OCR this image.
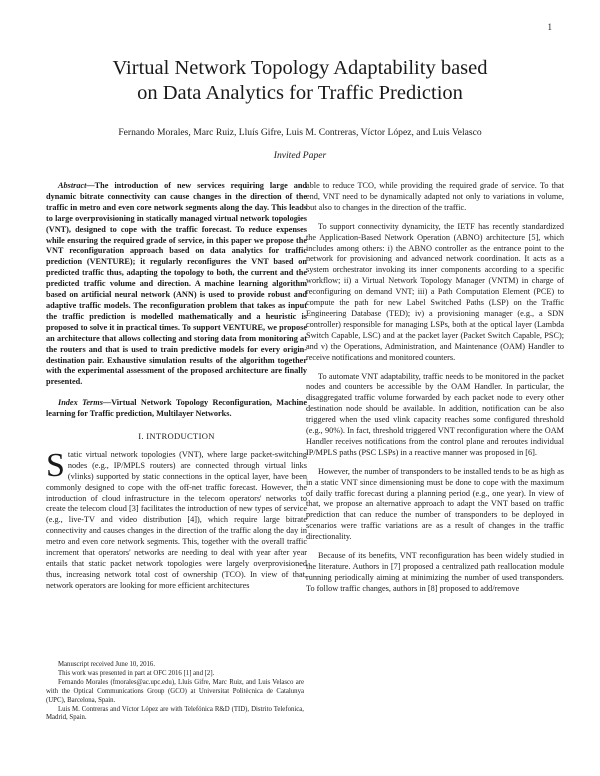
1
Virtual Network Topology Adaptability based
on Data Analytics for Traffic Prediction
Fernando Morales, Marc Ruiz, Lluís Gifre, Luis M. Contreras, Víctor López, and Luis Velasco
Invited Paper

Abstract—The introduction of new services requiring large and dynamic bitrate connectivity can cause changes in the direction of the traffic in metro and even core network segments along the day. This leads to large overprovisioning in statically managed virtual network topologies (VNT), designed to cope with the traffic forecast. To reduce expenses while ensuring the required grade of service, in this paper we propose the VNT reconfiguration approach based on data analytics for traffic prediction (VENTURE); it regularly reconfigures the VNT based on predicted traffic thus, adapting the topology to both, the current and the predicted traffic volume and direction. A machine learning algorithm based on artificial neural network (ANN) is used to provide robust and adaptive traffic models. The reconfiguration problem that takes as input the traffic prediction is modelled mathematically and a heuristic is proposed to solve it in practical times. To support VENTURE, we propose an architecture that allows collecting and storing data from monitoring at the routers and that is used to train predictive models for every origin-destination pair. Exhaustive simulation results of the algorithm together with the experimental assessment of the proposed architecture are finally presented.

Index Terms—Virtual Network Topology Reconfiguration, Machine learning for Traffic prediction, Multilayer Networks.

I. INTRODUCTION

Static virtual network topologies (VNT), where large packet-switching nodes (e.g., IP/MPLS routers) are connected through virtual links (vlinks) supported by static connections in the optical layer, have been commonly designed to cope with the off-net traffic forecast. However, the introduction of cloud infrastructure in the telecom operators' networks to create the telecom cloud [3] facilitates the introduction of new types of service (e.g., live-TV and video distribution [4]), which require large bitrate connectivity and causes changes in the direction of the traffic along the day in metro and even core network segments. This, together with the overall traffic increment that operators' networks are needing to deal with year after year entails that static packet network topologies were largely overprovisioned thus, increasing network total cost of ownership (TCO). In view of that, network operators are looking for more efficient architectures

Manuscript received June 10, 2016.

This work was presented in part at OFC 2016 [1] and [2].

Fernando Morales (fmorales@ac.upc.edu), Lluís Gifre, Marc Ruiz, and Luis Velasco are with the Optical Communications Group (GCO) at Universitat Politècnica de Catalunya (UPC), Barcelona, Spain.

Luis M. Contreras and Víctor López are with Telefónica R&D (TID), Distrito Telefonica, Madrid, Spain.

able to reduce TCO, while providing the required grade of service. To that end, VNT need to be dynamically adapted not only to variations in volume, but also to changes in the direction of the traffic.

To support connectivity dynamicity, the IETF has recently standardized the Application-Based Network Operation (ABNO) architecture [5], which includes among others: i) the ABNO controller as the entrance point to the network for provisioning and advanced network coordination. It acts as a system orchestrator invoking its inner components according to a specific workflow; ii) a Virtual Network Topology Manager (VNTM) in charge of reconfiguring on demand VNT; iii) a Path Computation Element (PCE) to compute the path for new Label Switched Paths (LSP) on the Traffic Engineering Database (TED); iv) a provisioning manager (e.g., a SDN controller) responsible for managing LSPs, both at the optical layer (Lambda Switch Capable, LSC) and at the packet layer (Packet Switch Capable, PSC); and v) the Operations, Administration, and Maintenance (OAM) Handler to receive notifications and monitored counters.

To automate VNT adaptability, traffic needs to be monitored in the packet nodes and counters be accessible by the OAM Handler. In particular, the disaggregated traffic volume forwarded by each packet node to every other destination node should be available. In addition, notification can be also triggered when the used vlink capacity reaches some configured threshold (e.g., 90%). In fact, threshold triggered VNT reconfiguration where the OAM Handler receives notifications from the control plane and reroutes individual IP/MPLS paths (PSC LSPs) in a reactive manner was proposed in [6].

However, the number of transponders to be installed tends to be as high as in a static VNT since dimensioning must be done to cope with the maximum of daily traffic forecast during a planning period (e.g., one year). In view of that, we propose an alternative approach to adapt the VNT based on traffic prediction that can reduce the number of transponders to be deployed in scenarios were traffic variations are as a result of changes in the traffic directionality.

Because of its benefits, VNT reconfiguration has been widely studied in the literature. Authors in [7] proposed a centralized path reallocation module running periodically aiming at minimizing the number of used transponders. To follow traffic changes, authors in [8] proposed to add/remove
